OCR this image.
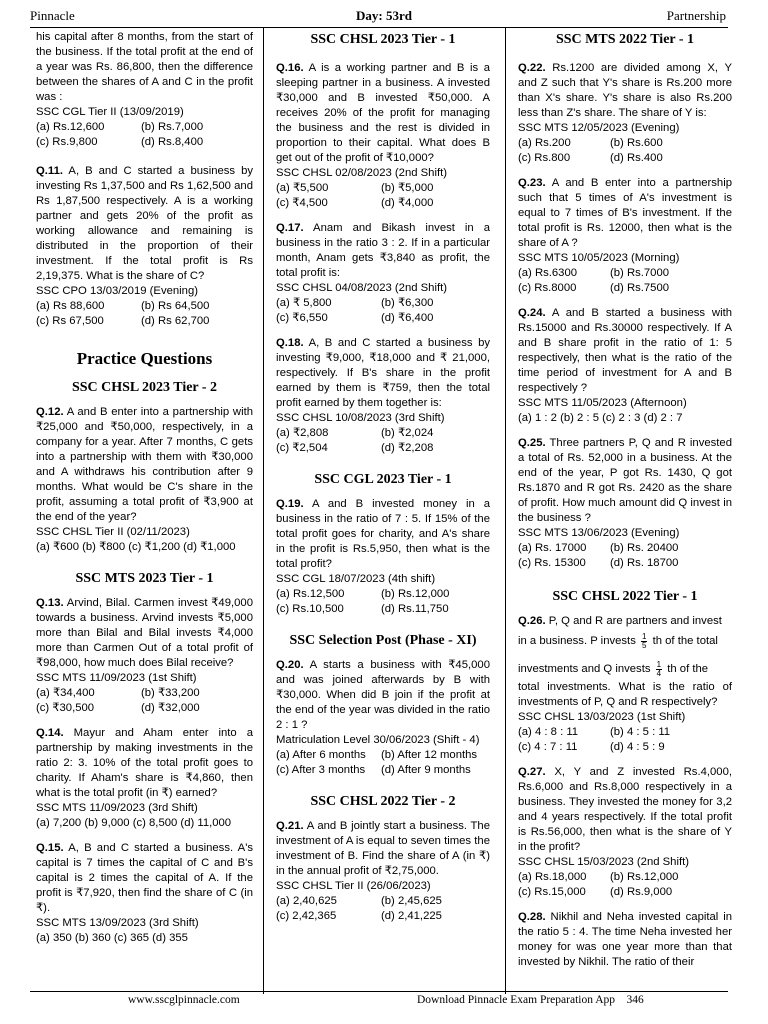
Pinnacle	Day: 53rd	Partnership

his capital after 8 months, from the start of the business. If the total profit at the end of a year was Rs. 86,800, then the difference between the shares of A and C in the profit was :

SSC CGL Tier II (13/09/2019)
(a) Rs.12,600	(b) Rs.7,000
(c) Rs.9,800	(d) Rs.8,400

Q.11. A, B and C started a business by investing Rs 1,37,500 and Rs 1,62,500 and Rs 1,87,500 respectively. A is a working partner and gets 20% of the profit as working allowance and remaining is distributed in the proportion of their investment. If the total profit is Rs 2,19,375. What is the share of C?

SSC CPO 13/03/2019 (Evening)
(a) Rs 88,600	(b) Rs 64,500
(c) Rs 67,500	(d) Rs 62,700
Practice Questions
SSC CHSL 2023 Tier - 2

Q.12. A and B enter into a partnership with ₹25,000 and ₹50,000, respectively, in a company for a year. After 7 months, C gets into a partnership with them with ₹30,000 and A withdraws his contribution after 9 months. What would be C's share in the profit, assuming a total profit of ₹3,900 at the end of the year?

SSC CHSL Tier II (02/11/2023)
(a) ₹600 (b) ₹800 (c) ₹1,200 (d) ₹1,000
SSC MTS 2023 Tier - 1

Q.13. Arvind, Bilal. Carmen invest ₹49,000 towards a business. Arvind invests ₹5,000 more than Bilal and Bilal invests ₹4,000 more than Carmen Out of a total profit of ₹98,000, how much does Bilal receive?

SSC MTS 11/09/2023 (1st Shift)
(a) ₹34,400	(b) ₹33,200
(c) ₹30,500	(d) ₹32,000

Q.14. Mayur and Aham enter into a partnership by making investments in the ratio 2: 3. 10% of the total profit goes to charity. If Aham's share is ₹4,860, then what is the total profit (in ₹) earned?

SSC MTS 11/09/2023 (3rd Shift)
(a) 7,200 (b) 9,000 (c) 8,500 (d) 11,000

Q.15. A, B and C started a business. A's capital is 7 times the capital of C and B's capital is 2 times the capital of A. If the profit is ₹7,920, then find the share of C (in ₹).

SSC MTS 13/09/2023 (3rd Shift)
(a) 350 (b) 360 (c) 365 (d) 355
SSC CHSL 2023 Tier - 1

Q.16. A is a working partner and B is a sleeping partner in a business. A invested ₹30,000 and B invested ₹50,000. A receives 20% of the profit for managing the business and the rest is divided in proportion to their capital. What does B get out of the profit of ₹10,000?

SSC CHSL 02/08/2023 (2nd Shift)
(a) ₹5,500	(b) ₹5,000
(c) ₹4,500	(d) ₹4,000

Q.17. Anam and Bikash invest in a business in the ratio 3 : 2. If in a particular month, Anam gets ₹3,840 as profit, the total profit is:

SSC CHSL 04/08/2023 (2nd Shift)
(a) ₹ 5,800	(b) ₹6,300
(c) ₹6,550	(d) ₹6,400

Q.18. A, B and C started a business by investing ₹9,000, ₹18,000 and ₹ 21,000, respectively. If B's share in the profit earned by them is ₹759, then the total profit earned by them together is:

SSC CHSL 10/08/2023 (3rd Shift)
(a) ₹2,808	(b) ₹2,024
(c) ₹2,504	(d) ₹2,208
SSC CGL 2023 Tier - 1

Q.19. A and B invested money in a business in the ratio of 7 : 5. If 15% of the total profit goes for charity, and A's share in the profit is Rs.5,950, then what is the total profit?

SSC CGL 18/07/2023 (4th shift)
(a) Rs.12,500	(b) Rs.12,000
(c) Rs.10,500	(d) Rs.11,750
SSC Selection Post (Phase - XI)

Q.20. A starts a business with ₹45,000 and was joined afterwards by B with ₹30,000. When did B join if the profit at the end of the year was divided in the ratio 2 : 1 ?

Matriculation Level 30/06/2023 (Shift - 4)
(a) After 6 months	(b) After 12 months
(c) After 3 months	(d) After 9 months
SSC CHSL 2022 Tier - 2

Q.21. A and B jointly start a business. The investment of A is equal to seven times the investment of B. Find the share of A (in ₹) in the annual profit of ₹2,75,000.

SSC CHSL Tier II (26/06/2023)
(a) 2,40,625	(b) 2,45,625
(c) 2,42,365	(d) 2,41,225
SSC MTS 2022 Tier - 1

Q.22. Rs.1200 are divided among X, Y and Z such that Y's share is Rs.200 more than X's share. Y's share is also Rs.200 less than Z's share. The share of Y is:

SSC MTS 12/05/2023 (Evening)
(a) Rs.200	(b) Rs.600
(c) Rs.800	(d) Rs.400

Q.23. A and B enter into a partnership such that 5 times of A's investment is equal to 7 times of B's investment. If the total profit is Rs. 12000, then what is the share of A ?

SSC MTS 10/05/2023 (Morning)
(a) Rs.6300	(b) Rs.7000
(c) Rs.8000	(d) Rs.7500

Q.24. A and B started a business with Rs.15000 and Rs.30000 respectively. If A and B share profit in the ratio of 1: 5 respectively, then what is the ratio of the time period of investment for A and B respectively ?

SSC MTS 11/05/2023 (Afternoon)
(a) 1 : 2 (b) 2 : 5 (c) 2 : 3 (d) 2 : 7

Q.25. Three partners P, Q and R invested a total of Rs. 52,000 in a business. At the end of the year, P got Rs. 1430, Q got Rs.1870 and R got Rs. 2420 as the share of profit. How much amount did Q invest in the business ?

SSC MTS 13/06/2023 (Evening)
(a) Rs. 17000	(b) Rs. 20400
(c) Rs. 15300	(d) Rs. 18700
SSC CHSL 2022 Tier - 1

Q.26. P, Q and R are partners and invest

in a business. P invests $\frac{1}{5}$ th of the total

investments and Q invests $\frac{1}{4}$ th of the

total investments. What is the ratio of investments of P, Q and R respectively?

SSC CHSL 13/03/2023 (1st Shift)
(a) 4 : 8 : 11	(b) 4 : 5 : 11
(c) 4 : 7 : 11	(d) 4 : 5 : 9

Q.27. X, Y and Z invested Rs.4,000, Rs.6,000 and Rs.8,000 respectively in a business. They invested the money for 3,2 and 4 years respectively. If the total profit is Rs.56,000, then what is the share of Y in the profit?

SSC CHSL 15/03/2023 (2nd Shift)
(a) Rs.18,000	(b) Rs.12,000
(c) Rs.15,000	(d) Rs.9,000

Q.28. Nikhil and Neha invested capital in the ratio 5 : 4. The time Neha invested her money for was one year more than that invested by Nikhil. The ratio of their

www.sscglpinnacle.com	Download Pinnacle Exam Preparation App 346
